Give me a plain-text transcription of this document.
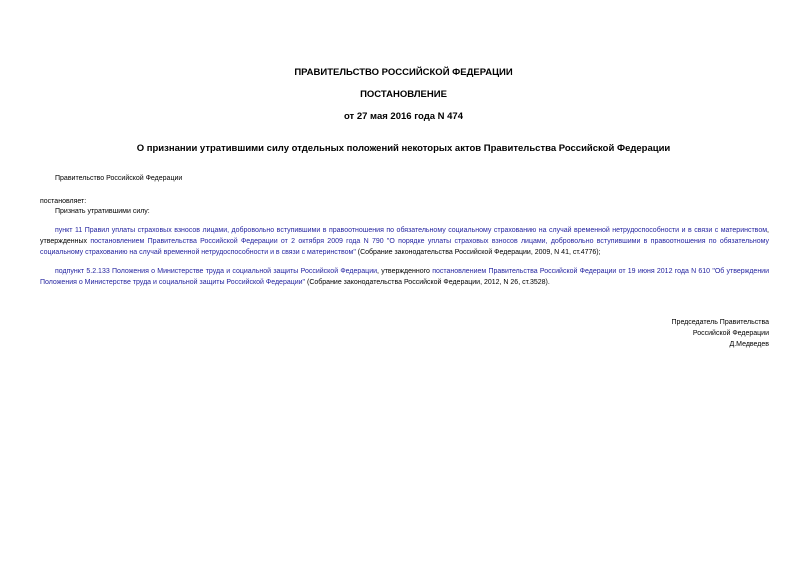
ПРАВИТЕЛЬСТВО РОССИЙСКОЙ ФЕДЕРАЦИИ
ПОСТАНОВЛЕНИЕ
от 27 мая 2016 года N 474
О признании утратившими силу отдельных положений некоторых актов Правительства Российской Федерации
Правительство Российской Федерации
постановляет:
Признать утратившими силу:
пункт 11 Правил уплаты страховых взносов лицами, добровольно вступившими в правоотношения по обязательному социальному страхованию на случай временной нетрудоспособности и в связи с материнством, утвержденных постановлением Правительства Российской Федерации от 2 октября 2009 года N 790 "О порядке уплаты страховых взносов лицами, добровольно вступившими в правоотношения по обязательному социальному страхованию на случай временной нетрудоспособности и в связи с материнством" (Собрание законодательства Российской Федерации, 2009, N 41, ст.4776);
подпункт 5.2.133 Положения о Министерстве труда и социальной защиты Российской Федерации, утвержденного постановлением Правительства Российской Федерации от 19 июня 2012 года N 610 "Об утверждении Положения о Министерстве труда и социальной защиты Российской Федерации" (Собрание законодательства Российской Федерации, 2012, N 26, ст.3528).
Председатель Правительства
Российской Федерации
Д.Медведев
